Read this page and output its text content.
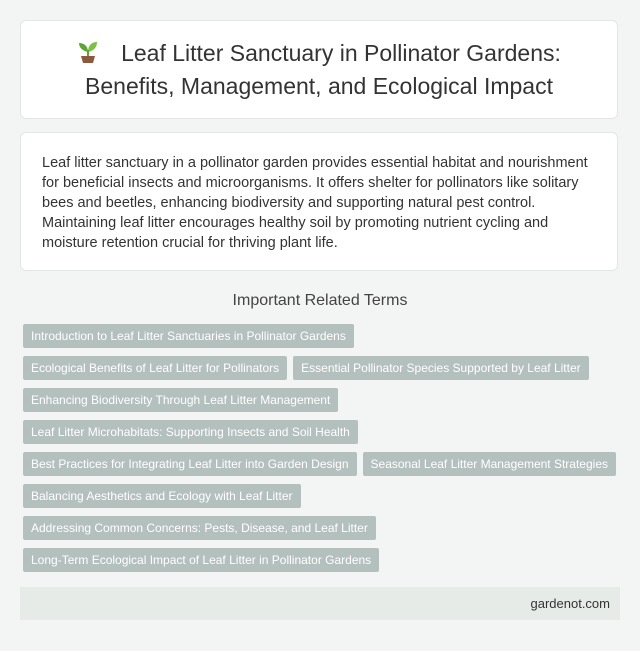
Leaf Litter Sanctuary in Pollinator Gardens: Benefits, Management, and Ecological Impact

Leaf litter sanctuary in a pollinator garden provides essential habitat and nourishment for beneficial insects and microorganisms. It offers shelter for pollinators like solitary bees and beetles, enhancing biodiversity and supporting natural pest control. Maintaining leaf litter encourages healthy soil by promoting nutrient cycling and moisture retention crucial for thriving plant life.

Important Related Terms
Introduction to Leaf Litter Sanctuaries in Pollinator Gardens
Ecological Benefits of Leaf Litter for Pollinators	Essential Pollinator Species Supported by Leaf Litter
Enhancing Biodiversity Through Leaf Litter Management
Leaf Litter Microhabitats: Supporting Insects and Soil Health
Best Practices for Integrating Leaf Litter into Garden Design	Seasonal Leaf Litter Management Strategies
Balancing Aesthetics and Ecology with Leaf Litter
Addressing Common Concerns: Pests, Disease, and Leaf Litter
Long-Term Ecological Impact of Leaf Litter in Pollinator Gardens
gardenot.com
